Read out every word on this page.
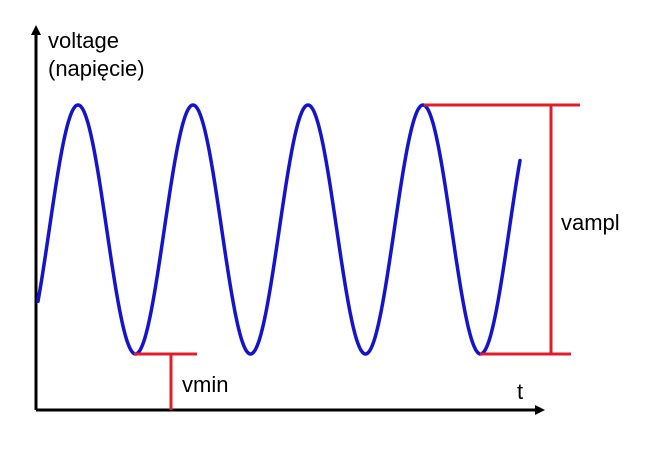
voltage
(napięcie)
t
vampl
vmin
